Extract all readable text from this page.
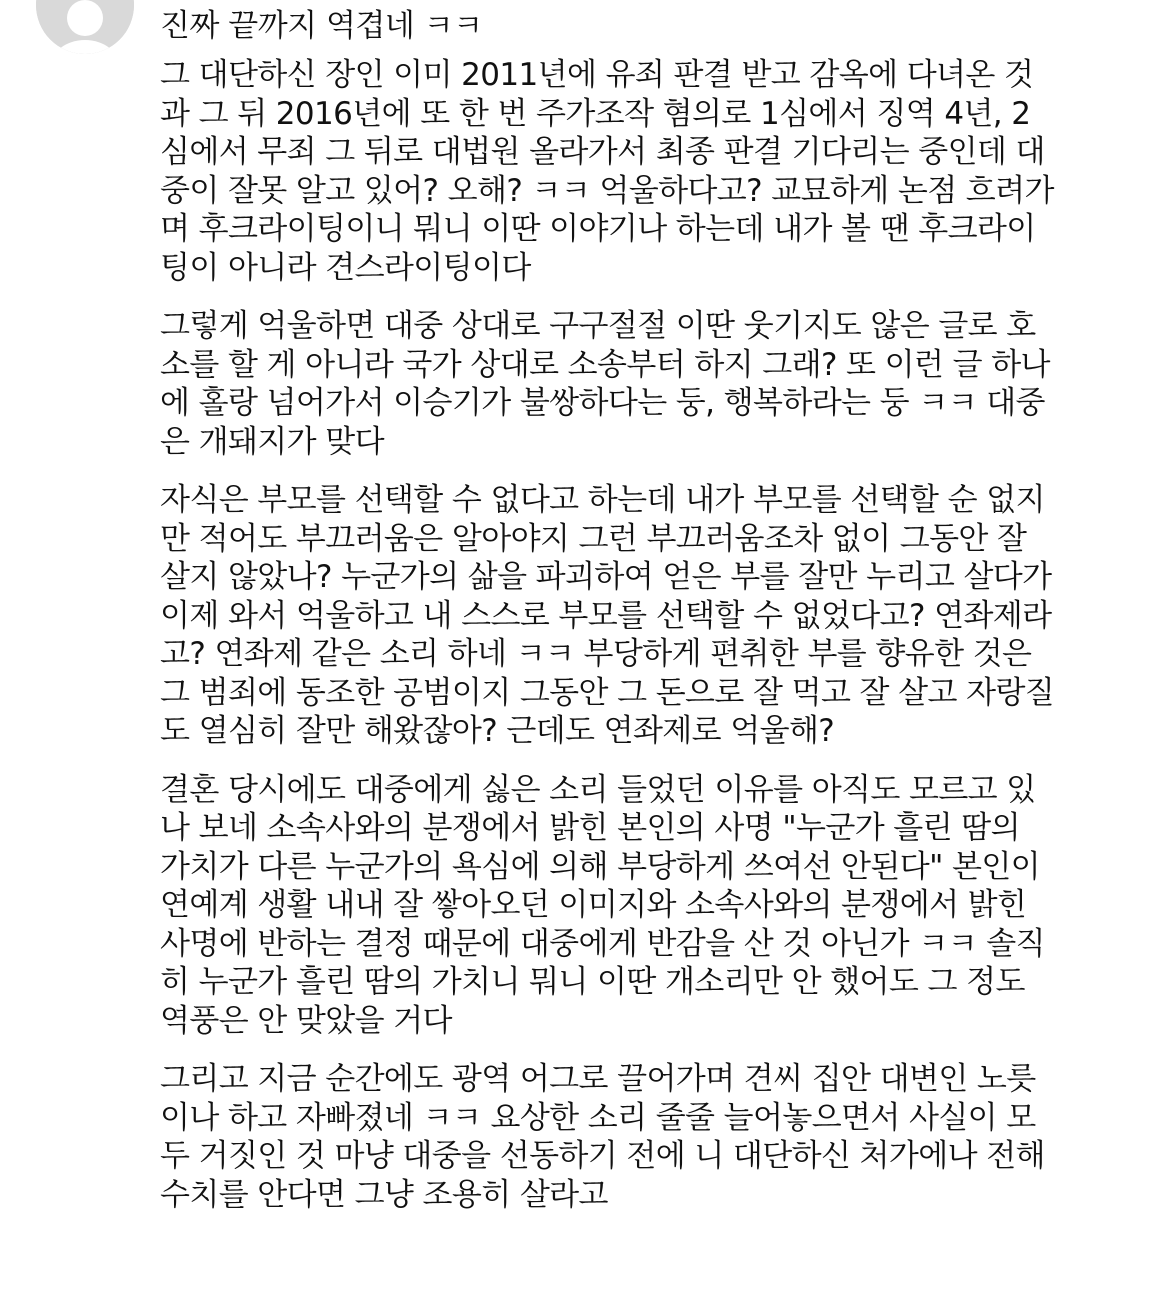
진짜 끝까지 역겹네 ㅋㅋ
그 대단하신 장인 이미 2011년에 유죄 판결 받고 감옥에 다녀온 것
과 그 뒤 2016년에 또 한 번 주가조작 혐의로 1심에서 징역 4년, 2
심에서 무죄 그 뒤로 대법원 올라가서 최종 판결 기다리는 중인데 대
중이 잘못 알고 있어? 오해? ㅋㅋ 억울하다고? 교묘하게 논점 흐려가
며 후크라이팅이니 뭐니 이딴 이야기나 하는데 내가 볼 땐 후크라이
팅이 아니라 견스라이팅이다
그렇게 억울하면 대중 상대로 구구절절 이딴 웃기지도 않은 글로 호
소를 할 게 아니라 국가 상대로 소송부터 하지 그래? 또 이런 글 하나
에 홀랑 넘어가서 이승기가 불쌍하다는 둥, 행복하라는 둥 ㅋㅋ 대중
은 개돼지가 맞다
자식은 부모를 선택할 수 없다고 하는데 내가 부모를 선택할 순 없지
만 적어도 부끄러움은 알아야지 그런 부끄러움조차 없이 그동안 잘
살지 않았나? 누군가의 삶을 파괴하여 얻은 부를 잘만 누리고 살다가
이제 와서 억울하고 내 스스로 부모를 선택할 수 없었다고? 연좌제라
고? 연좌제 같은 소리 하네 ㅋㅋ 부당하게 편취한 부를 향유한 것은
그 범죄에 동조한 공범이지 그동안 그 돈으로 잘 먹고 잘 살고 자랑질
도 열심히 잘만 해왔잖아? 근데도 연좌제로 억울해?
결혼 당시에도 대중에게 싫은 소리 들었던 이유를 아직도 모르고 있
나 보네 소속사와의 분쟁에서 밝힌 본인의 사명 "누군가 흘린 땀의
가치가 다른 누군가의 욕심에 의해 부당하게 쓰여선 안된다" 본인이
연예계 생활 내내 잘 쌓아오던 이미지와 소속사와의 분쟁에서 밝힌
사명에 반하는 결정 때문에 대중에게 반감을 산 것 아닌가 ㅋㅋ 솔직
히 누군가 흘린 땀의 가치니 뭐니 이딴 개소리만 안 했어도 그 정도
역풍은 안 맞았을 거다
그리고 지금 순간에도 광역 어그로 끌어가며 견씨 집안 대변인 노릇
이나 하고 자빠졌네 ㅋㅋ 요상한 소리 줄줄 늘어놓으면서 사실이 모
두 거짓인 것 마냥 대중을 선동하기 전에 니 대단하신 처가에나 전해
수치를 안다면 그냥 조용히 살라고
